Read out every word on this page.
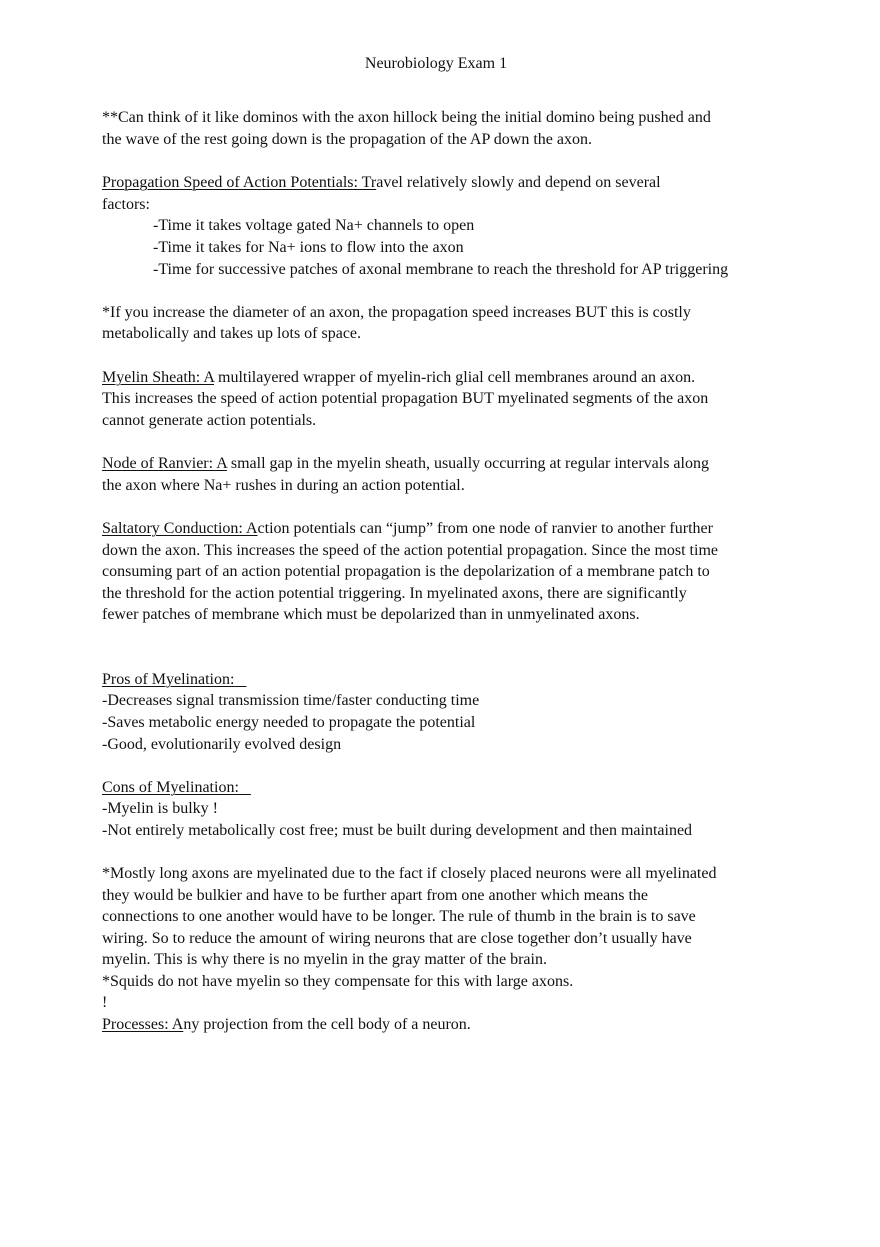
Neurobiology Exam 1
**Can think of it like dominos with the axon hillock being the initial domino being pushed and
the wave of the rest going down is the propagation of the AP down the axon.
Propagation Speed of Action Potentials: Travel relatively slowly and depend on several
factors:
-Time it takes voltage gated Na+ channels to open
-Time it takes for Na+ ions to flow into the axon
-Time for successive patches of axonal membrane to reach the threshold for AP triggering
*If you increase the diameter of an axon, the propagation speed increases BUT this is costly
metabolically and takes up lots of space.
Myelin Sheath: A multilayered wrapper of myelin-rich glial cell membranes around an axon.
This increases the speed of action potential propagation BUT myelinated segments of the axon
cannot generate action potentials.
Node of Ranvier: A small gap in the myelin sheath, usually occurring at regular intervals along
the axon where Na+ rushes in during an action potential.
Saltatory Conduction: Action potentials can “jump” from one node of ranvier to another further
down the axon. This increases the speed of the action potential propagation. Since the most time
consuming part of an action potential propagation is the depolarization of a membrane patch to
the threshold for the action potential triggering. In myelinated axons, there are significantly
fewer patches of membrane which must be depolarized than in unmyelinated axons.
Pros of Myelination:
-Decreases signal transmission time/faster conducting time
-Saves metabolic energy needed to propagate the potential
-Good, evolutionarily evolved design
Cons of Myelination:
-Myelin is bulky !
-Not entirely metabolically cost free; must be built during development and then maintained
*Mostly long axons are myelinated due to the fact if closely placed neurons were all myelinated
they would be bulkier and have to be further apart from one another which means the
connections to one another would have to be longer. The rule of thumb in the brain is to save
wiring. So to reduce the amount of wiring neurons that are close together don’t usually have
myelin. This is why there is no myelin in the gray matter of the brain.
*Squids do not have myelin so they compensate for this with large axons.
!
Processes: Any projection from the cell body of a neuron.
